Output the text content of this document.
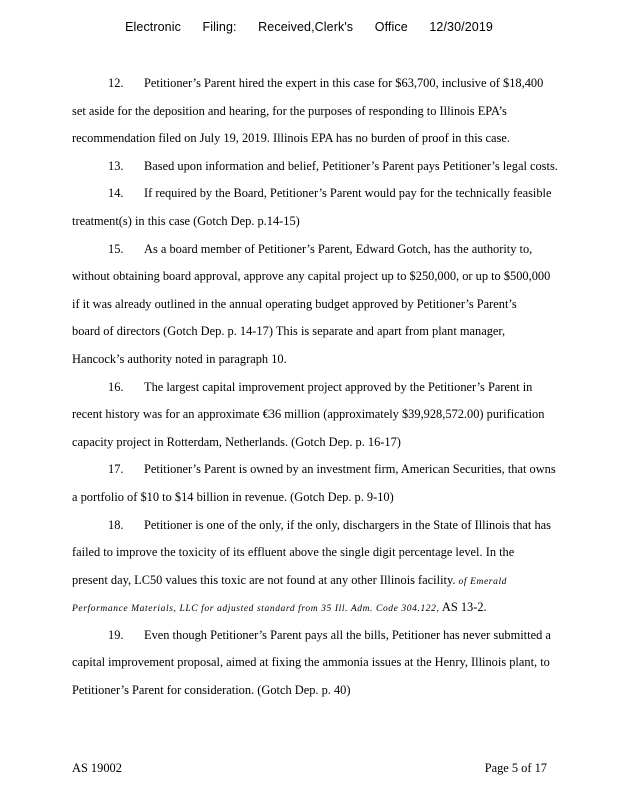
Electronic Filing: Received,Clerk's Office 12/30/2019
12. Petitioner’s Parent hired the expert in this case for $63,700, inclusive of $18,400
set aside for the deposition and hearing, for the purposes of responding to Illinois EPA’s
recommendation filed on July 19, 2019. Illinois EPA has no burden of proof in this case.
13. Based upon information and belief, Petitioner’s Parent pays Petitioner’s legal costs.
14. If required by the Board, Petitioner’s Parent would pay for the technically feasible
treatment(s) in this case (Gotch Dep. p.14-15)
15. As a board member of Petitioner’s Parent, Edward Gotch, has the authority to,
without obtaining board approval, approve any capital project up to $250,000, or up to $500,000
if it was already outlined in the annual operating budget approved by Petitioner’s Parent’s
board of directors (Gotch Dep. p. 14-17) This is separate and apart from plant manager,
Hancock’s authority noted in paragraph 10.
16. The largest capital improvement project approved by the Petitioner’s Parent in
recent history was for an approximate €36 million (approximately $39,928,572.00) purification
capacity project in Rotterdam, Netherlands. (Gotch Dep. p. 16-17)
17. Petitioner’s Parent is owned by an investment firm, American Securities, that owns
a portfolio of $10 to $14 billion in revenue. (Gotch Dep. p. 9-10)
18. Petitioner is one of the only, if the only, dischargers in the State of Illinois that has
failed to improve the toxicity of its effluent above the single digit percentage level. In the
present day, LC50 values this toxic are not found at any other Illinois facility. of Emerald
Performance Materials, LLC for adjusted standard from 35 Ill. Adm. Code 304.122, AS 13-2.
19. Even though Petitioner’s Parent pays all the bills, Petitioner has never submitted a
capital improvement proposal, aimed at fixing the ammonia issues at the Henry, Illinois plant, to
Petitioner’s Parent for consideration. (Gotch Dep. p. 40)
AS 19002	Page 5 of 17
